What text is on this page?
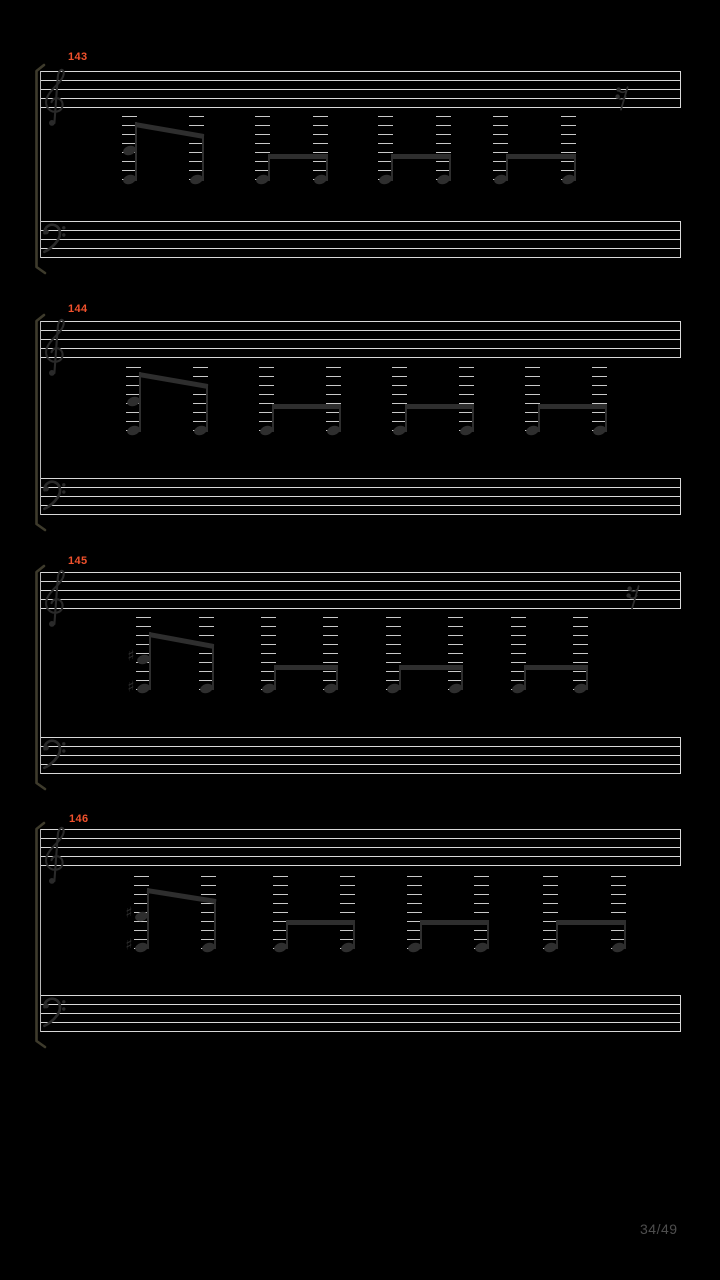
34/49
143
144
145
♯
♯
146
♯
♯
